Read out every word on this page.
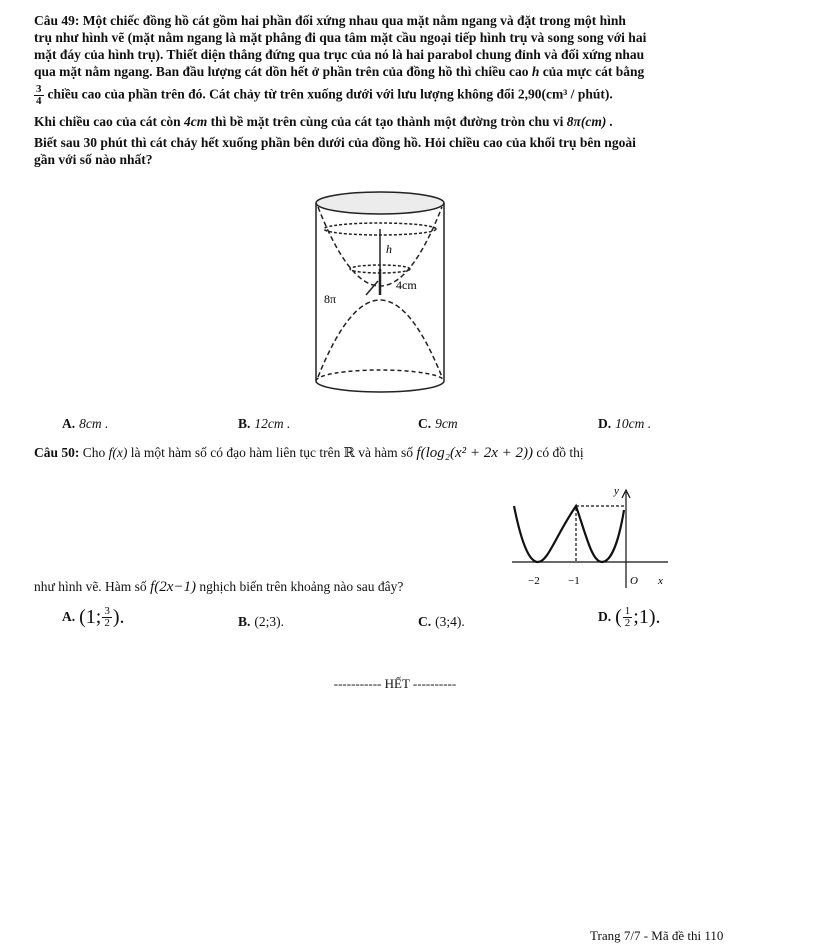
Câu 49: Một chiếc đồng hồ cát gồm hai phần đối xứng nhau qua mặt nằm ngang và đặt trong một hình
trụ như hình vẽ (mặt nằm ngang là mặt phẳng đi qua tâm mặt cầu ngoại tiếp hình trụ và song song với hai
mặt đáy của hình trụ). Thiết diện thẳng đứng qua trục của nó là hai parabol chung đỉnh và đối xứng nhau
qua mặt nằm ngang. Ban đầu lượng cát dồn hết ở phần trên của đồng hồ thì chiều cao h của mực cát bằng
$\frac{3}{4}$ chiều cao của phần trên đó. Cát chảy từ trên xuống dưới với lưu lượng không đổi 2,90(cm³ / phút).
Khi chiều cao của cát còn 4cm thì bề mặt trên cùng của cát tạo thành một đường tròn chu vi 8π(cm) .
Biết sau 30 phút thì cát chảy hết xuống phần bên dưới của đồng hồ. Hỏi chiều cao của khối trụ bên ngoài
gần với số nào nhất?
h
4cm
8π
A. 8cm .	B. 12cm .	C. 9cm	D. 10cm .
Câu 50: Cho f(x) là một hàm số có đạo hàm liên tục trên ℝ và hàm số f(log₂(x² + 2x + 2)) có đồ thị
y
x
O
−2	−1
như hình vẽ. Hàm số f(2x−1) nghịch biến trên khoảng nào sau đây?
A. (1; $\frac{3}{2}$ ).	B. (2;3).	C. (3;4).	D. ( $\frac{1}{2}$ ;1).
----------- HẾT ----------
Trang 7/7 - Mã đề thi 110
